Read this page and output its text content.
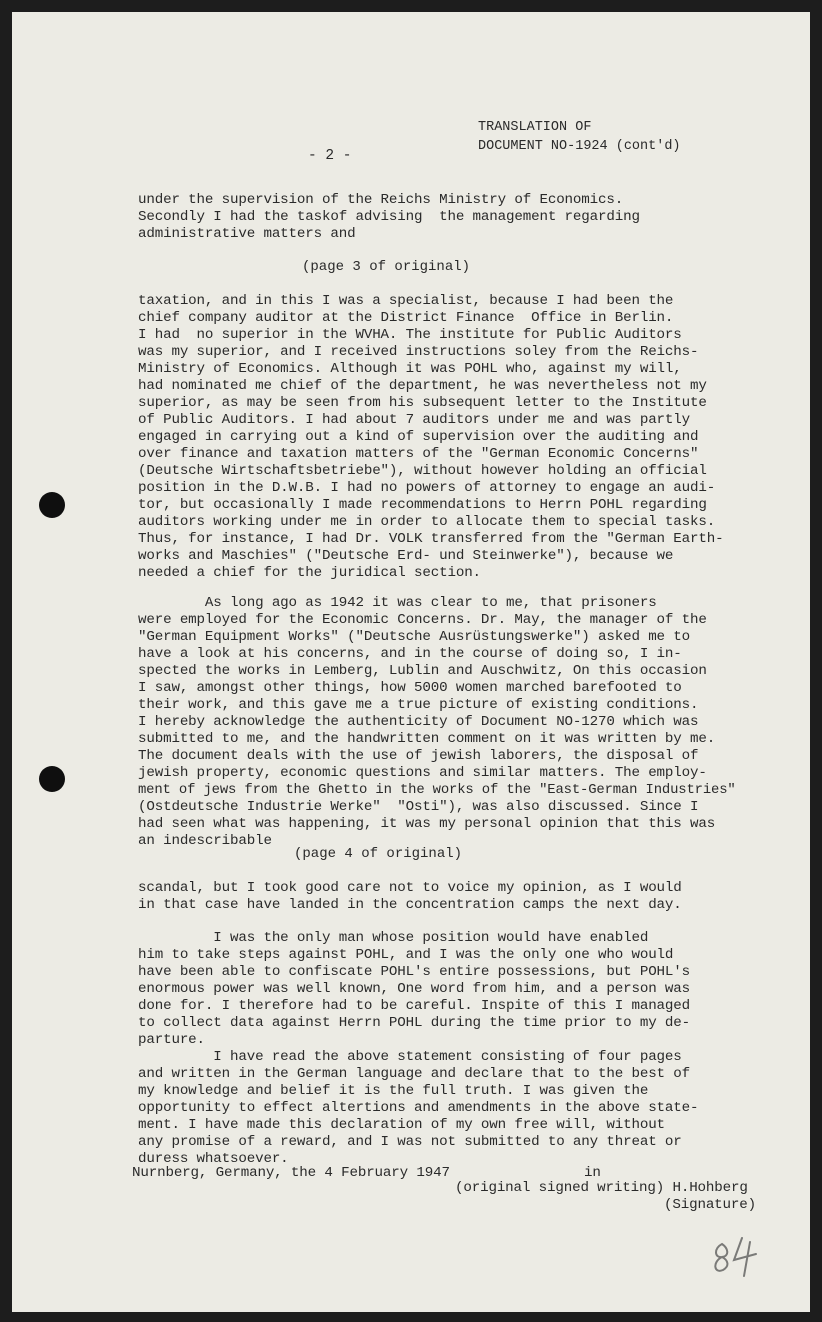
- 2 -
TRANSLATION OF
DOCUMENT NO-1924 (cont'd)
under the supervision of the Reichs Ministry of Economics.
Secondly I had the taskof advising  the management regarding
administrative matters and
(page 3 of original)
taxation, and in this I was a specialist, because I had been the
chief company auditor at the District Finance  Office in Berlin.
I had  no superior in the WVHA. The institute for Public Auditors
was my superior, and I received instructions soley from the Reichs-
Ministry of Economics. Although it was POHL who, against my will,
had nominated me chief of the department, he was nevertheless not my
superior, as may be seen from his subsequent letter to the Institute
of Public Auditors. I had about 7 auditors under me and was partly
engaged in carrying out a kind of supervision over the auditing and
over finance and taxation matters of the "German Economic Concerns"
(Deutsche Wirtschaftsbetriebe"), without however holding an official
position in the D.W.B. I had no powers of attorney to engage an audi-
tor, but occasionally I made recommendations to Herrn POHL regarding
auditors working under me in order to allocate them to special tasks.
Thus, for instance, I had Dr. VOLK transferred from the "German Earth-
works and Maschies" ("Deutsche Erd- und Steinwerke"), because we
needed a chief for the juridical section.
As long ago as 1942 it was clear to me, that prisoners
were employed for the Economic Concerns. Dr. May, the manager of the
"German Equipment Works" ("Deutsche Ausrüstungswerke") asked me to
have a look at his concerns, and in the course of doing so, I in-
spected the works in Lemberg, Lublin and Auschwitz, On this occasion
I saw, amongst other things, how 5000 women marched barefooted to
their work, and this gave me a true picture of existing conditions.
I hereby acknowledge the authenticity of Document NO-1270 which was
submitted to me, and the handwritten comment on it was written by me.
The document deals with the use of jewish laborers, the disposal of
jewish property, economic questions and similar matters. The employ-
ment of jews from the Ghetto in the works of the "East-German Industries"
(Ostdeutsche Industrie Werke"  "Osti"), was also discussed. Since I
had seen what was happening, it was my personal opinion that this was
an indescribable
(page 4 of original)
scandal, but I took good care not to voice my opinion, as I would
in that case have landed in the concentration camps the next day.
I was the only man whose position would have enabled
him to take steps against POHL, and I was the only one who would
have been able to confiscate POHL's entire possessions, but POHL's
enormous power was well known, One word from him, and a person was
done for. I therefore had to be careful. Inspite of this I managed
to collect data against Herrn POHL during the time prior to my de-
parture.
I have read the above statement consisting of four pages
and written in the German language and declare that to the best of
my knowledge and belief it is the full truth. I was given the
opportunity to effect altertions and amendments in the above state-
ment. I have made this declaration of my own free will, without
any promise of a reward, and I was not submitted to any threat or
duress whatsoever.
Nurnberg, Germany, the 4 February 1947	in
(original signed writing) H.Hohberg
(Signature)
